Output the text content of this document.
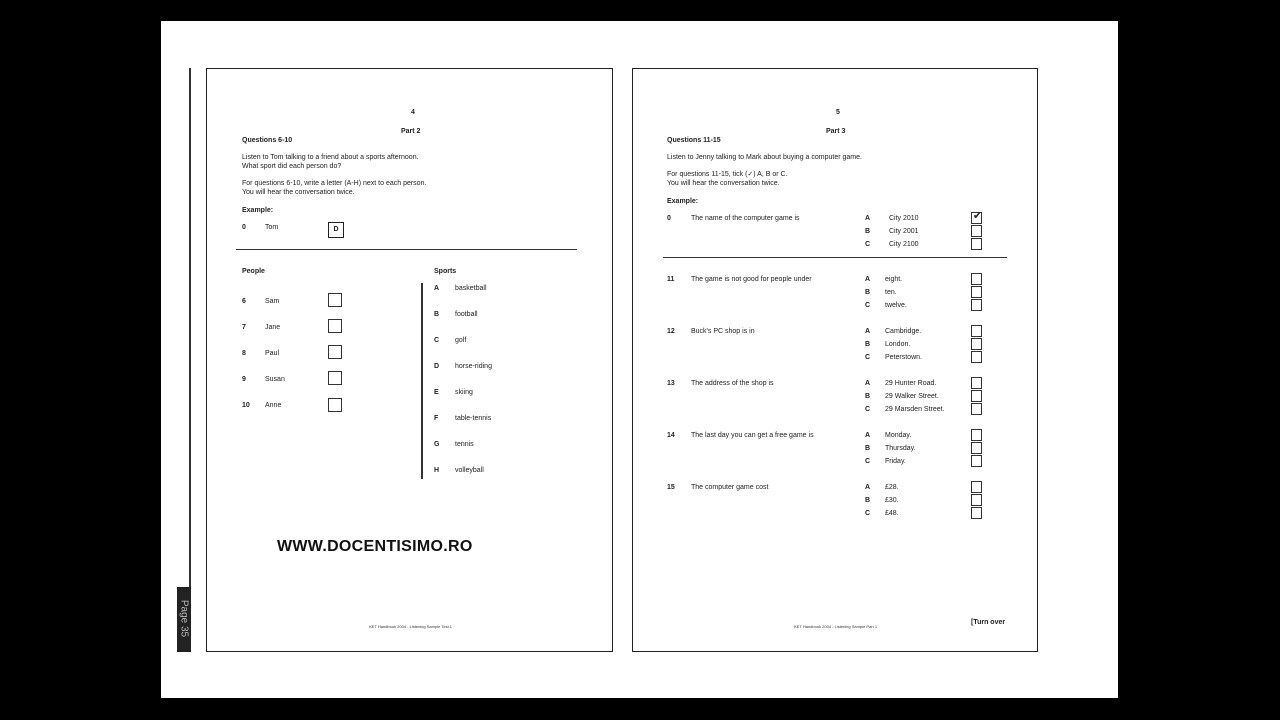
Page 35
4
Part 2
Questions 6-10
Listen to Tom talking to a friend about a sports afternoon.
What sport did each person do?
For questions 6-10, write a letter (A-H) next to each person.
You will hear the conversation twice.
Example:
0	Tom	D
People	Sports
6	Sam
7	Jane
8	Paul
9	Susan
10 Anne
A basketball
B football
C golf
D horse-riding
E skiing
F table-tennis
G tennis
H volleyball
WWW.DOCENTISIMO.RO
KET Handbook 2004 - Listening Sample Test 1
5
Part 3
Questions 11-15
Listen to Jenny talking to Mark about buying a computer game.
For questions 11-15, tick (✓) A, B or C.
You will hear the conversation twice.
Example:
0	The name of the computer game is	A	City 2010	✔
B	City 2001
C	City 2100
11 The game is not good for people under	A eight.
B ten.
C twelve.
12 Buck's PC shop is in	A Cambridge.
B London.
C Peterstown.
13 The address of the shop is	A 29 Hunter Road.
B 29 Walker Street.
C 29 Marsden Street.
14 The last day you can get a free game is	A Monday.
B Thursday.
C Friday.
15 The computer game cost	A £28.
B £30.
C £48.
KET Handbook 2004 - Listening Sample Part 1
[Turn over
